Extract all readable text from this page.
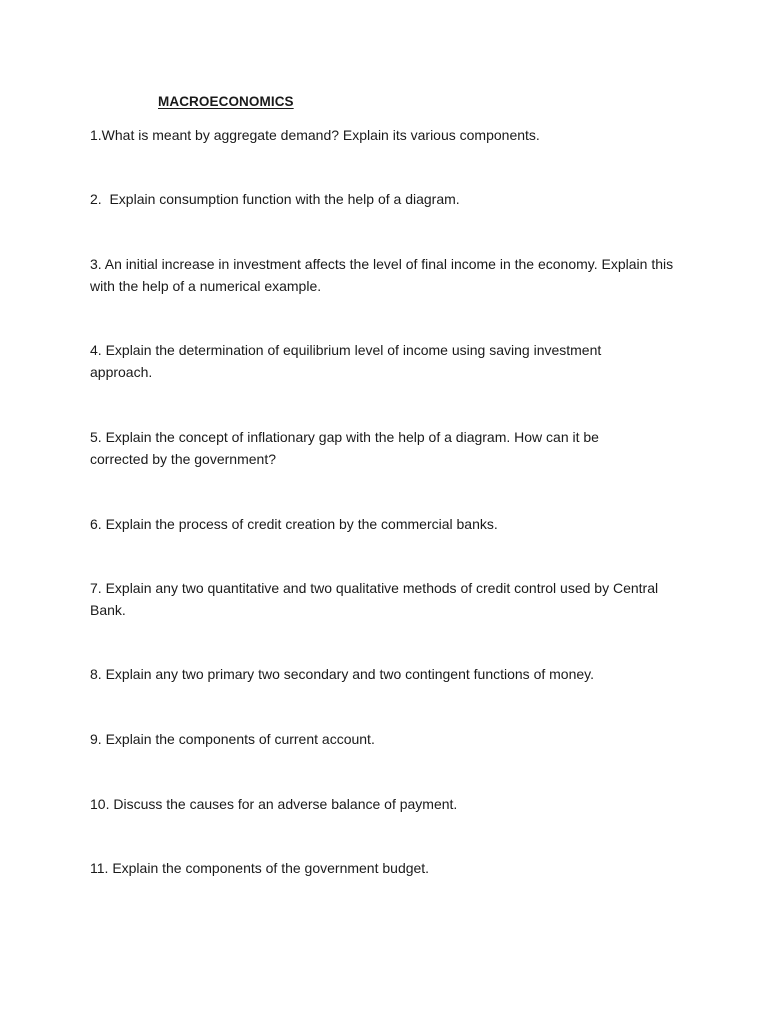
MACROECONOMICS

1.What is meant by aggregate demand? Explain its various components.

2.  Explain consumption function with the help of a diagram.

3. An initial increase in investment affects the level of final income in the economy. Explain this with the help of a numerical example.

4. Explain the determination of equilibrium level of income using saving investment approach.

5. Explain the concept of inflationary gap with the help of a diagram. How can it be corrected by the government?

6. Explain the process of credit creation by the commercial banks.

7. Explain any two quantitative and two qualitative methods of credit control used by Central Bank.

8. Explain any two primary two secondary and two contingent functions of money.

9. Explain the components of current account.

10. Discuss the causes for an adverse balance of payment.

11. Explain the components of the government budget.
